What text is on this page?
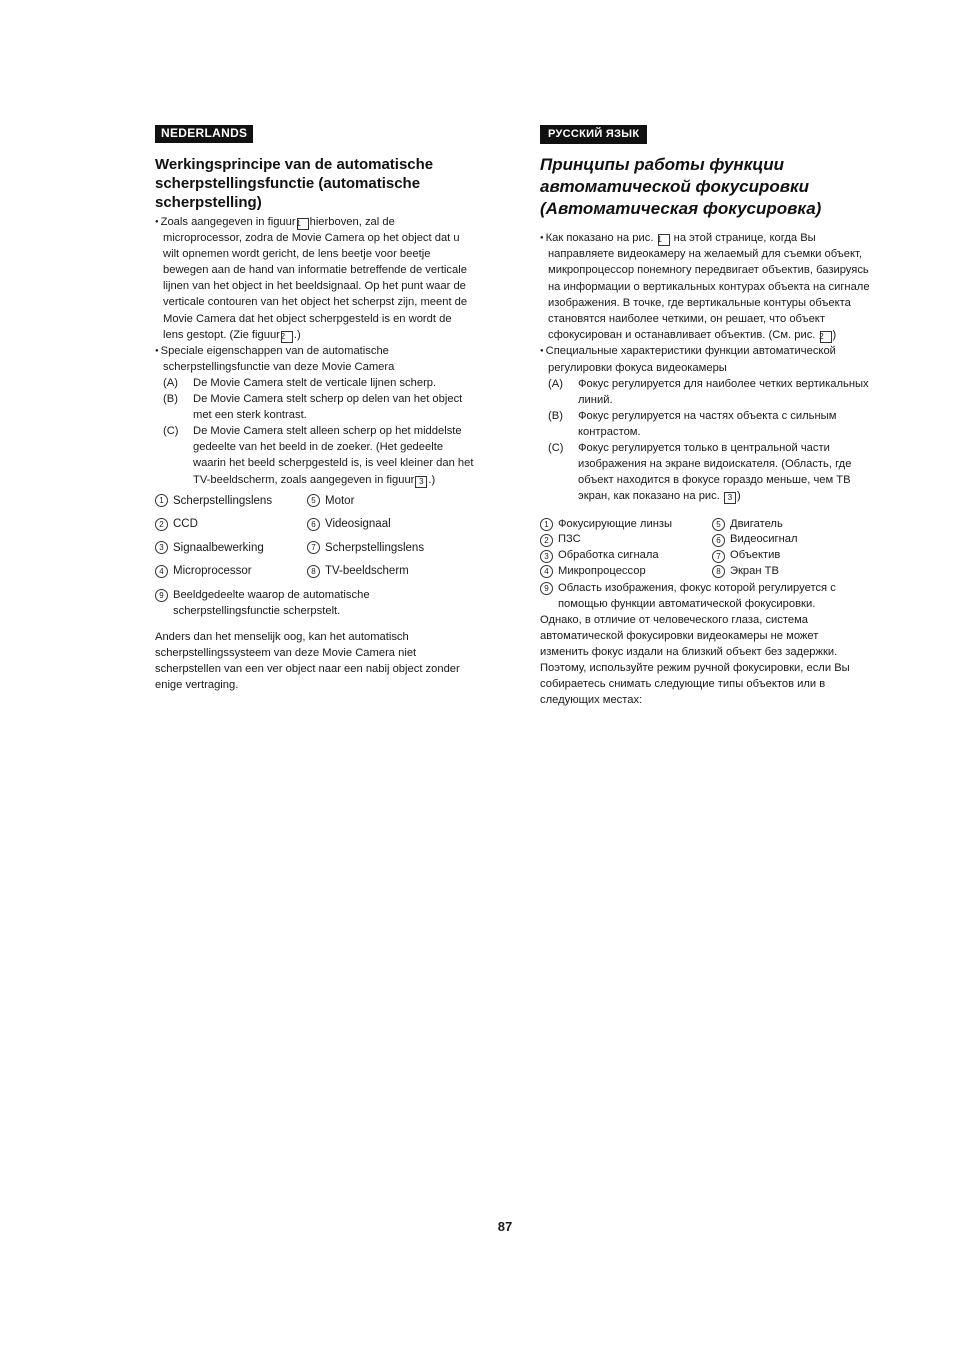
NEDERLANDS
Werkingsprincipe van de automatische scherpstellingsfunctie (automatische scherpstelling)

● Zoals aangegeven in figuur1 hierboven, zal de microprocessor, zodra de Movie Camera op het object dat u wilt opnemen wordt gericht, de lens beetje voor beetje bewegen aan de hand van informatie betreffende de verticale lijnen van het object in het beeldsignaal. Op het punt waar de verticale contouren van het object het scherpst zijn, meent de Movie Camera dat het object scherpgesteld is en wordt de lens gestopt. (Zie figuur2 .)

● Speciale eigenschappen van de automatische scherpstellingsfunctie van deze Movie Camera

(A)	De Movie Camera stelt de verticale lijnen scherp.
(B)	De Movie Camera stelt scherp op delen van het object met een sterk kontrast.
(C)	De Movie Camera stelt alleen scherp op het middelste gedeelte van het beeld in de zoeker. (Het gedeelte waarin het beeld scherpgesteld is, is veel kleiner dan het TV-beeldscherm, zoals aangegeven in figuur 3 .)
1 Scherpstellingslens	5 Motor
2 CCD	6 Videosignaal
3 Signaalbewerking	7 Scherpstellingslens
4 Microprocessor	8 TV-beeldscherm
9 Beeldgedeelte waarop de automatische scherpstellingsfunctie scherpstelt.

Anders dan het menselijk oog, kan het automatisch scherpstellingssysteem van deze Movie Camera niet scherpstellen van een ver object naar een nabij object zonder enige vertraging.

РУССКИЙ ЯЗЫК
Принципы работы функции автоматической фокусировки (Автоматическая фокусировка)

● Как показано на рис. 1 на этой странице, когда Вы направляете видеокамеру на желаемый для съемки объект, микропроцессор понемногу передвигает объектив, базируясь на информации о вертикальных контурах объекта на сигнале изображения. В точке, где вертикальные контуры объекта становятся наиболее четкими, он решает, что объект сфокусирован и останавливает объектив. (См. рис. 2 )

● Специальные характеристики функции автоматической регулировки фокуса видеокамеры

(A)	Фокус регулируется для наиболее четких вертикальных линий.
(B)	Фокус регулируется на частях объекта с сильным контрастом.
(C)	Фокус регулируется только в центральной части изображения на экране видоискателя. (Область, где объект находится в фокусе гораздо меньше, чем ТВ экран, как показано на рис. 3 )
1 Фокусирующие линзы	5 Двигатель
2 ПЗС	6 Видеосигнал
3 Обработка сигнала	7 Объектив
4 Микропроцессор	8 Экран ТВ
9 Область изображения, фокус которой регулируется с помощью функции автоматической фокусировки.

Однако, в отличие от человеческого глаза, система автоматической фокусировки видеокамеры не может изменить фокус издали на близкий объект без задержки. Поэтому, используйте режим ручной фокусировки, если Вы собираетесь снимать следующие типы объектов или в следующих местах:

87
